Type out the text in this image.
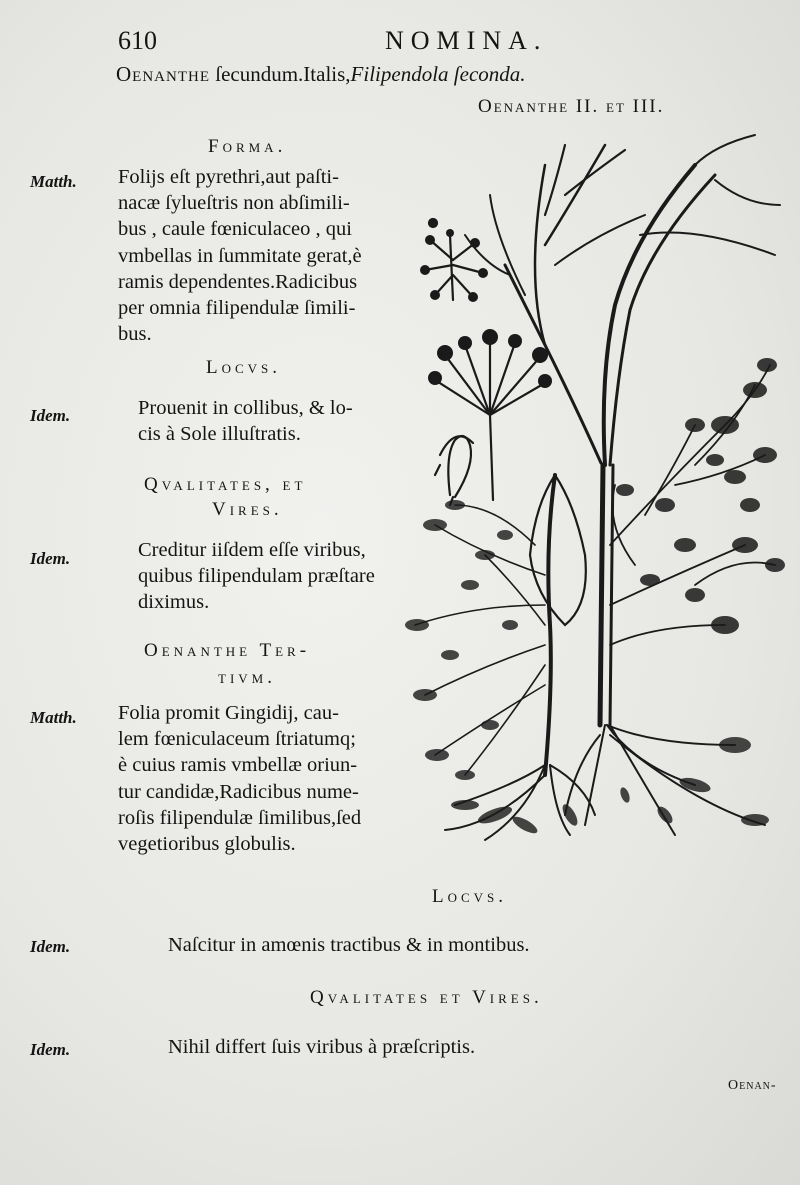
610	NOMINA.
Oenanthe ſecundum.Italis,Filipendola ſeconda.
Oenanthe II. et III.
Forma.
Matth. Folijs eſt pyrethri,aut paſti-
nacæ ſylueſtris non abſimili-
bus , caule fœniculaceo , qui
vmbellas in ſummitate gerat,è
ramis dependentes.Radicibus
per omnia filipendulæ ſimili-
bus.
Locvs.
Idem.	Prouenit in collibus, & lo-
cis à Sole illuſtratis.
Qvalitates, et
Vires.
Idem.	Creditur iiſdem eſſe viribus,
quibus filipendulam præſtare
diximus.
Oenanthe Ter-
tivm.
Matth. Folia promit Gingidij, cau-
lem fœniculaceum ſtriatumq;
è cuius ramis vmbellæ oriun-
tur candidæ,Radicibus nume-
roſis filipendulæ ſimilibus,ſed
vegetioribus globulis.
Locvs.
Idem.	Naſcitur in amœnis tractibus & in montibus.
Qvalitates et Vires.
Idem.	Nihil differt ſuis viribus à præſcriptis.
Oenan-
